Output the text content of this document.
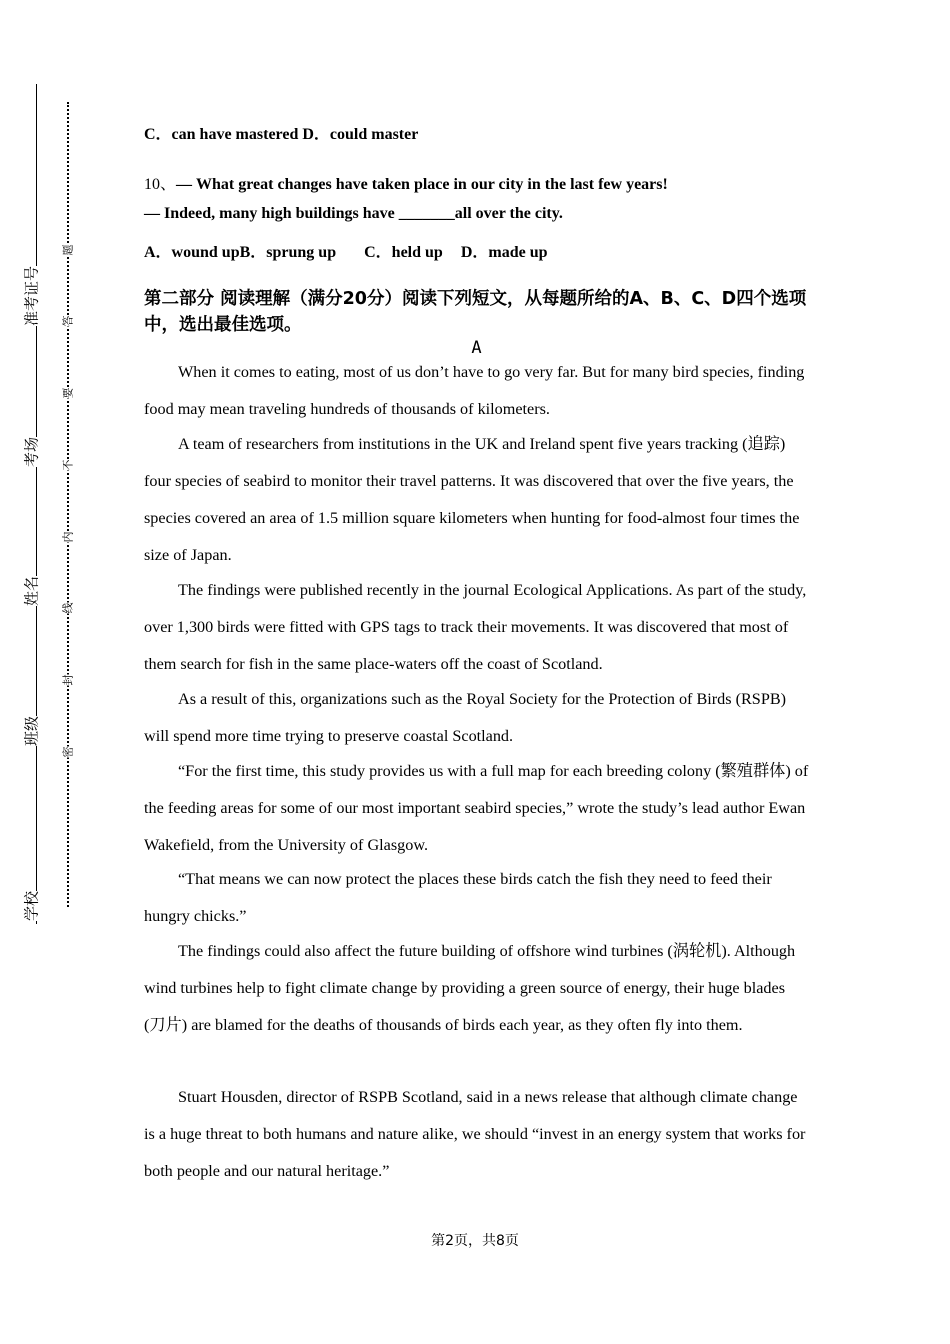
准考证号
考场
姓名
班级
学校
题
答
要
不
内
线
封
密
C．can have mastered D．could master
10、— What great changes have taken place in our city in the last few years!
— Indeed, many high buildings have _______all over the city.
A．wound upB．sprung up C．held up D．made up
第二部分 阅读理解（满分20分）阅读下列短文，从每题所给的A、B、C、D四个选项中，选出最佳选项。
A

When it comes to eating, most of us don’t have to go very far. But for many bird species, finding food may mean traveling hundreds of thousands of kilometers.

A team of researchers from institutions in the UK and Ireland spent five years tracking (追踪) four species of seabird to monitor their travel patterns. It was discovered that over the five years, the species covered an area of 1.5 million square kilometers when hunting for food-almost four times the size of Japan.

The findings were published recently in the journal Ecological Applications. As part of the study, over 1,300 birds were fitted with GPS tags to track their movements. It was discovered that most of them search for fish in the same place-waters off the coast of Scotland.

As a result of this, organizations such as the Royal Society for the Protection of Birds (RSPB) will spend more time trying to preserve coastal Scotland.

“For the first time, this study provides us with a full map for each breeding colony (繁殖群体) of the feeding areas for some of our most important seabird species,” wrote the study’s lead author Ewan Wakefield, from the University of Glasgow.

“That means we can now protect the places these birds catch the fish they need to feed their hungry chicks.”

The findings could also affect the future building of offshore wind turbines (涡轮机). Although wind turbines help to fight climate change by providing a green source of energy, their huge blades (刀片) are blamed for the deaths of thousands of birds each year, as they often fly into them.

Stuart Housden, director of RSPB Scotland, said in a news release that although climate change is a huge threat to both humans and nature alike, we should “invest in an energy system that works for both people and our natural heritage.”

第2页，共8页
